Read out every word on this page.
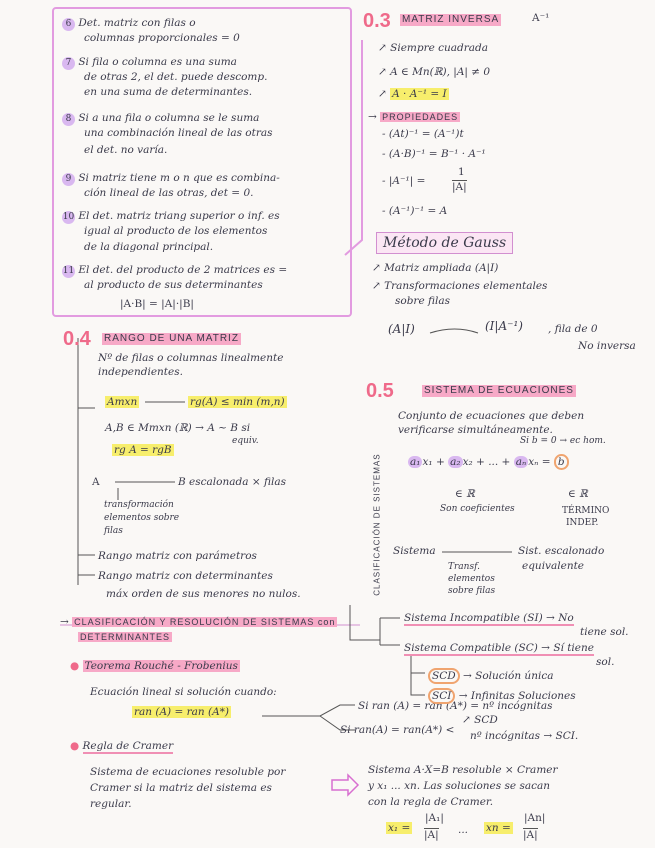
6 Det. matriz con filas o
columnas proporcionales = 0
7 Si fila o columna es una suma
de otras 2, el det. puede descomp.
en una suma de determinantes.
8 Si a una fila o columna se le suma
una combinación lineal de las otras
el det. no varía.
9 Si matriz tiene m o n que es combina-
ción lineal de las otras, det = 0.
10 El det. matriz triang superior o inf. es
igual al producto de los elementos
de la diagonal principal.
11 El det. del producto de 2 matrices es =
al producto de sus determinantes
|A·B| = |A|·|B|
0.3 MATRIZ INVERSA	A⁻¹
↗ Siempre cuadrada
↗ A ∈ Mn(ℝ), |A| ≠ 0
↗ A · A⁻¹ = I
→ PROPIEDADES
- (At)⁻¹ = (A⁻¹)t
- (A·B)⁻¹ = B⁻¹ · A⁻¹
- |A⁻¹| =
1
|A|
- (A⁻¹)⁻¹ = A
Método de Gauss
↗ Matriz ampliada (A|I)
↗ Transformaciones elementales
sobre filas
(A|I)	(I|A⁻¹) , fila de 0
No inversa
0.4 RANGO DE UNA MATRIZ
Nº de filas o columnas linealmente
independientes.
Amxn	rg(A) ≤ min (m,n)
A,B ∈ Mmxn (ℝ) → A ~ B si
equiv.
rg A = rgB
A	B escalonada × filas
transformación
elementos sobre
filas
Rango matriz con parámetros
Rango matriz con determinantes
máx orden de sus menores no nulos.
→ CLASIFICACIÓN Y RESOLUCIÓN DE SISTEMAS con
DETERMINANTES
● Teorema Rouché - Frobenius
Ecuación lineal si solución cuando:
ran (A) = ran (A*)	Si ran (A) = ran (A*) = nº incógnitas
↗ SCD
Si ran(A) = ran(A*) < nº incógnitas → SCI.
● Regla de Cramer
Sistema de ecuaciones resoluble por
Cramer si la matriz del sistema es
regular.
Sistema A·X=B resoluble × Cramer
y x₁ ... xn. Las soluciones se sacan
con la regla de Cramer.
x₁ =
|A₁|
|A| ... xn =
|An|
|A|
0.5	SISTEMA DE ECUACIONES
Conjunto de ecuaciones que deben
verificarse simultáneamente.
Si b = 0 → ec hom.
a₁ x₁ + a₂ x₂ + ... + aₙ xₙ = b
∈ ℝ
Son coeficientes
∈ ℝ
TÉRMINO
INDEP.
CLASIFICACIÓN DE SISTEMAS Sistema	Sist. escalonado
equivalente
Transf.
elementos
sobre filas
Sistema Incompatible (SI) → No
tiene sol.
Sistema Compatible (SC) → Sí tiene
sol.
SCD → Solución única
SCI → Infinitas Soluciones
